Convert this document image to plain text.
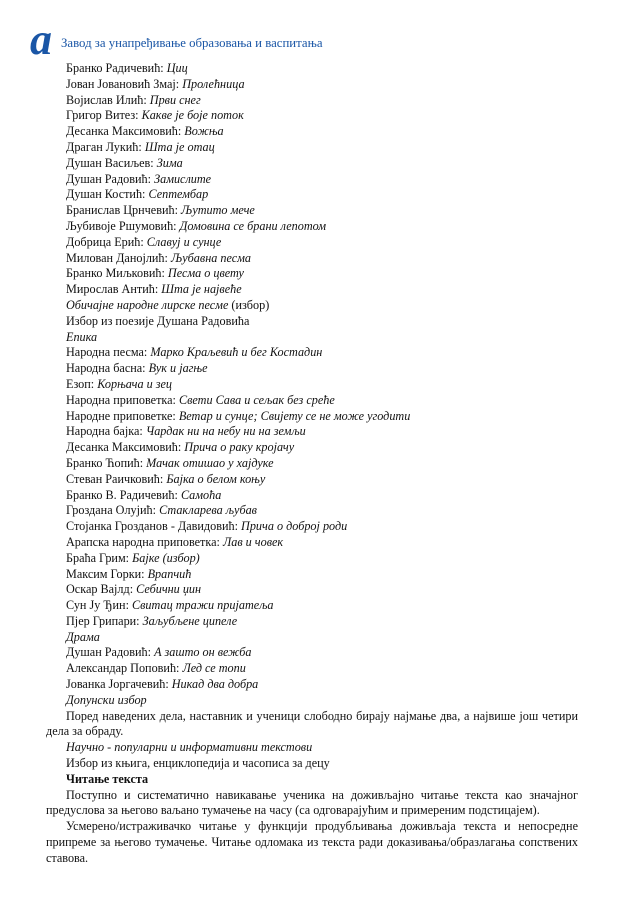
a Завод за унапређивање образовања и васпитања
Бранко Радичевић: Циц
Јован Јовановић Змај: Пролећница
Војислав Илић: Први снег
Григор Витез: Какве је боје поток
Десанка Максимовић: Вожња
Драган Лукић: Шта је отац
Душан Васиљев: Зима
Душан Радовић: Замислите
Душан Костић: Септембар
Бранислав Црнчевић: Љутито мече
Љубивоје Ршумовић: Домовина се брани лепотом
Добрица Ерић: Славуј и сунце
Милован Данојлић: Љубавна песма
Бранко Миљковић: Песма о цвету
Мирослав Антић: Шта је највеће
Обичајне народне лирске песме (избор)
Избор из поезије Душана Радовића
Епика
Народна песма: Марко Краљевић и бег Костадин
Народна басна: Вук и јагње
Езоп: Корњача и зец
Народна приповетка: Свети Сава и сељак без среће
Народне приповетке: Ветар и сунце; Свијету се не може угодити
Народна бајка: Чардак ни на небу ни на земљи
Десанка Максимовић: Прича о раку кројачу
Бранко Ћопић: Мачак отишао у хајдуке
Стеван Раичковић: Бајка о белом коњу
Бранко В. Радичевић: Самоћа
Гроздана Олујић: Стакларева љубав
Стојанка Грозданов - Давидовић: Прича о доброј роди
Арапска народна приповетка: Лав и човек
Браћа Грим: Бајке (избор)
Максим Горки: Врапчић
Оскар Вајлд: Себични џин
Сун Ју Ђин: Свитац тражи пријатеља
Пјер Грипари: Заљубљене ципеле
Драма
Душан Радовић: А зашто он вежба
Александар Поповић: Лед се топи
Јованка Јоргачевић: Никад два добра
Допунски избор
Поред наведених дела, наставник и ученици слободно бирају најмање два, а највише још четири дела за обраду.
Научно - популарни и информативни текстови
Избор из књига, енциклопедија и часописа за децу
Читање текста
Поступно и систематично навикавање ученика на доживљајно читање текста као значајног предуслова за његово ваљано тумачење на часу (са одговарајућим и примереним подстицајем).
Усмерено/истраживачко читање у функцији продубљивања доживљаја текста и непосредне припреме за његово тумачење. Читање одломака из текста ради доказивања/образлагања сопствених ставова.
